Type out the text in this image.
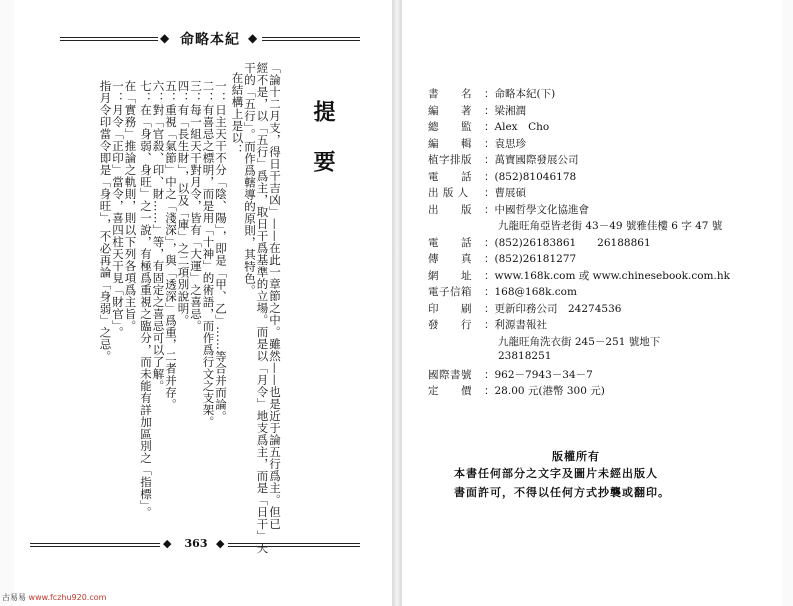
◆ 命略本紀 ◆
提要
「論十二月支，得日干吉凶」——在此一章節之中。雖然——也是近于論五行爲主。但已
經不是，以「五行」爲主，取日干爲基準的立場。而是以「月令」地支爲主，而是「日干」天
干的「五行」。而作爲轄導的原則，其特色。
在結構上是以：
一：日主天干不分「陰、陽」，即是「甲、乙」……等合并而論。
二：有喜忌之標明，而是用「十神」的術語，而作爲行文之支架。
三：每一組天干對月令，皆有「大運」之喜忌。
四：有「長生財」，以及「庫」之二項別說明。
五：重視「氣節」中之「淺深」，與「透深」爲重，二者并存。
六：對「官殺、印、財……」等，有固定之喜忌可以了解。
七：在「身弱、身旺」之一說，有極爲重視之臨分，而未能有詳加區別之「指標」。
在「實務」推論之軌則，則以下列各項爲主旨。
一：月令「正印」當令，喜四柱天干見「財官」。
指月令印當令即是「身旺」，不必再論「身弱」之忌。
◆	363 ◆
書　　名	：命略本紀(下)
編　　著	：梁湘潤
總　　監	：Alex　Cho
編　　輯	：袁思珍
植字排版	：萬寶國際發展公司
電　　話	：(852)81046178
出 版 人	：曹展碩
出　　版	：中國哲學文化協進會
九龍旺角亞皆老街 43－49 號雅佳樓 6 字 47 號
電　　話	：(852)26183861　　26188861
傳　　真	：(852)26181277
網　　址	：www.168k.com 或 www.chinesebook.com.hk
電子信箱	：168@168k.com
印　　刷	：更新印務公司　24274536
發　　行	：利源書報社
九龍旺角洗衣街 245－251 號地下
23818251
國際書號	：962－7943－34－7
定　　價	：28.00 元(港幣 300 元)
版權所有
本書任何部分之文字及圖片未經出版人
書面許可，不得以任何方式抄襲或翻印。
古易易 www.fczhu920.com
